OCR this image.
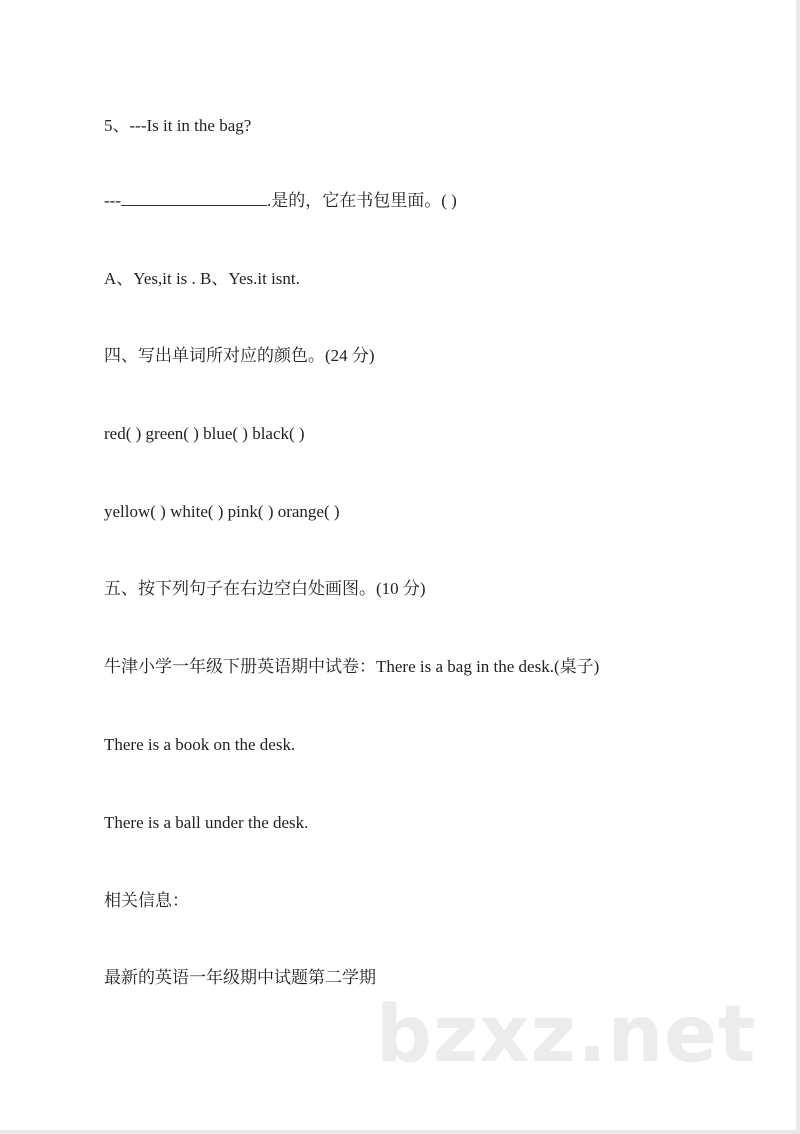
5、---Is it in the bag?
---	.是的，它在书包里面。( )
A、Yes,it is . B、Yes.it isnt.
四、写出单词所对应的颜色。(24 分)
red( ) green( ) blue( ) black( )
yellow( ) white( ) pink( ) orange( )
五、按下列句子在右边空白处画图。(10 分)
牛津小学一年级下册英语期中试卷：There is a bag in the desk.(桌子)
There is a book on the desk.
There is a ball under the desk.
相关信息：
最新的英语一年级期中试题第二学期
bzxz.net
